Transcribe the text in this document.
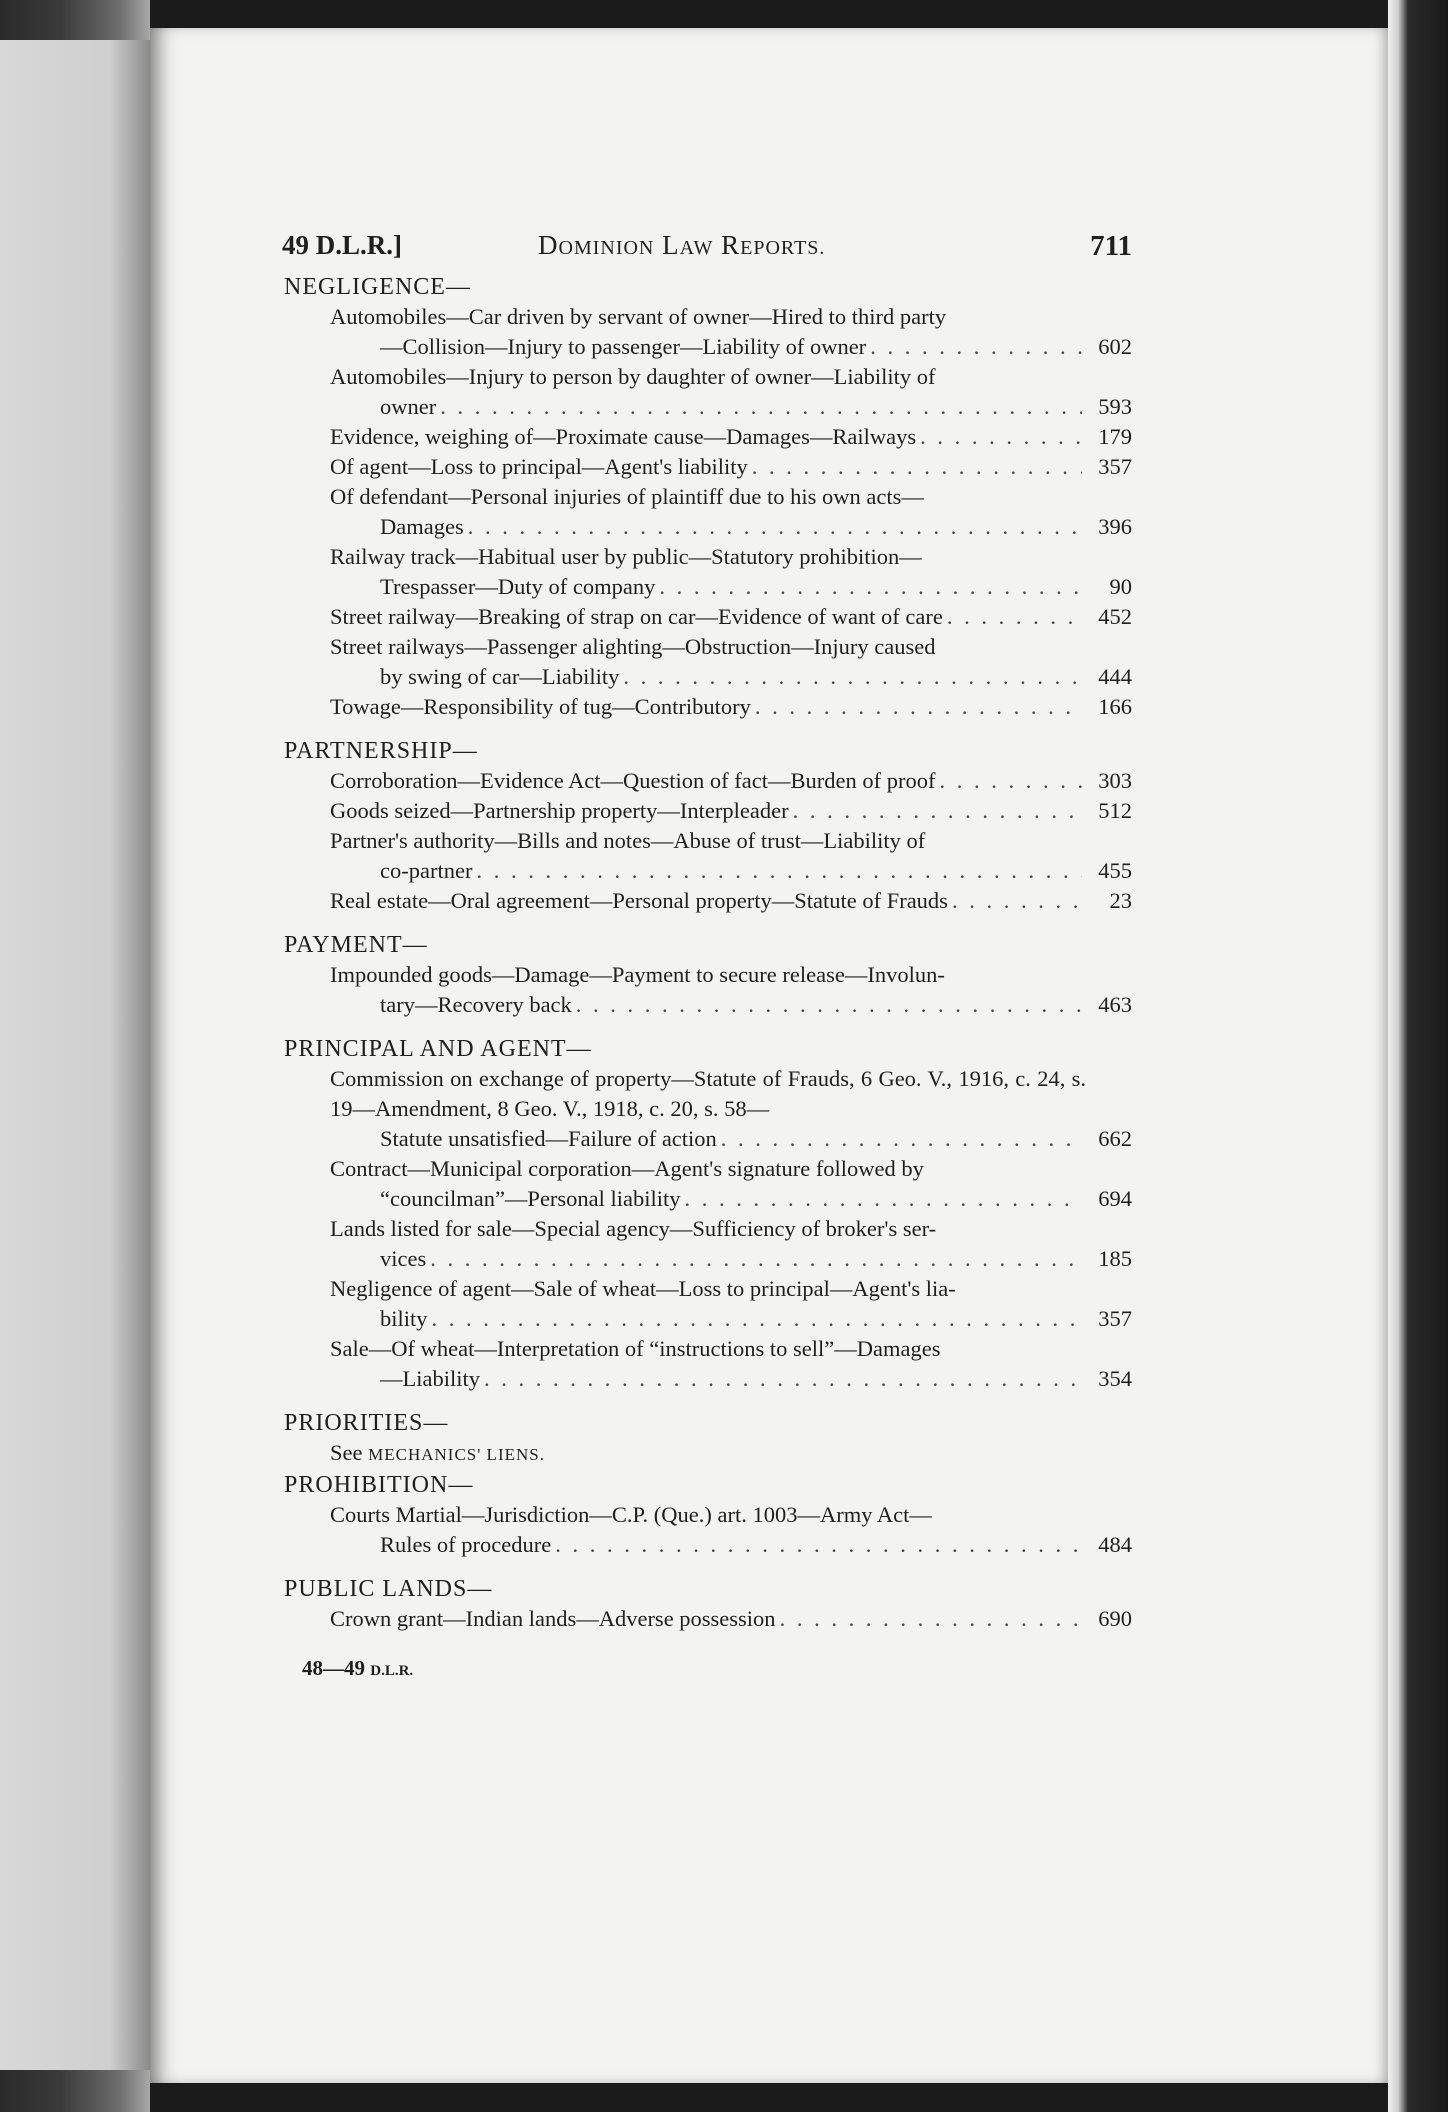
49 D.L.R.]	DOMINION LAW REPORTS.	711
NEGLIGENCE—
Automobiles—Car driven by servant of owner—Hired to third party
—Collision—Injury to passenger—Liability of owner . . .	602
Automobiles—Injury to person by daughter of owner—Liability of
owner . . .	593
Evidence, weighing of—Proximate cause—Damages—Railways . . .	179
Of agent—Loss to principal—Agent's liability . . .	357
Of defendant—Personal injuries of plaintiff due to his own acts—
Damages . . .	396
Railway track—Habitual user by public—Statutory prohibition—
Trespasser—Duty of company . . .	90
Street railway—Breaking of strap on car—Evidence of want of care . . .	452
Street railways—Passenger alighting—Obstruction—Injury caused
by swing of car—Liability . . .	444
Towage—Responsibility of tug—Contributory . . .	166
PARTNERSHIP—
Corroboration—Evidence Act—Question of fact—Burden of proof . . .	303
Goods seized—Partnership property—Interpleader . . .	512
Partner's authority—Bills and notes—Abuse of trust—Liability of
co-partner . . .	455
Real estate—Oral agreement—Personal property—Statute of Frauds . . .	23
PAYMENT—
Impounded goods—Damage—Payment to secure release—Involun-
tary—Recovery back . . .	463
PRINCIPAL AND AGENT—
Commission on exchange of property—Statute of Frauds, 6 Geo. V., 1916, c. 24, s. 19—Amendment, 8 Geo. V., 1918, c. 20, s. 58—
Statute unsatisfied—Failure of action . . .	662
Contract—Municipal corporation—Agent's signature followed by
“councilman”—Personal liability . . .	694
Lands listed for sale—Special agency—Sufficiency of broker's ser-
vices . . .	185
Negligence of agent—Sale of wheat—Loss to principal—Agent's lia-
bility . . .	357
Sale—Of wheat—Interpretation of “instructions to sell”—Damages
—Liability . . .	354
PRIORITIES—
See MECHANICS' LIENS.
PROHIBITION—
Courts Martial—Jurisdiction—C.P. (Que.) art. 1003—Army Act—
Rules of procedure . . .	484
PUBLIC LANDS—
Crown grant—Indian lands—Adverse possession . . .	690
48—49 D.L.R.
